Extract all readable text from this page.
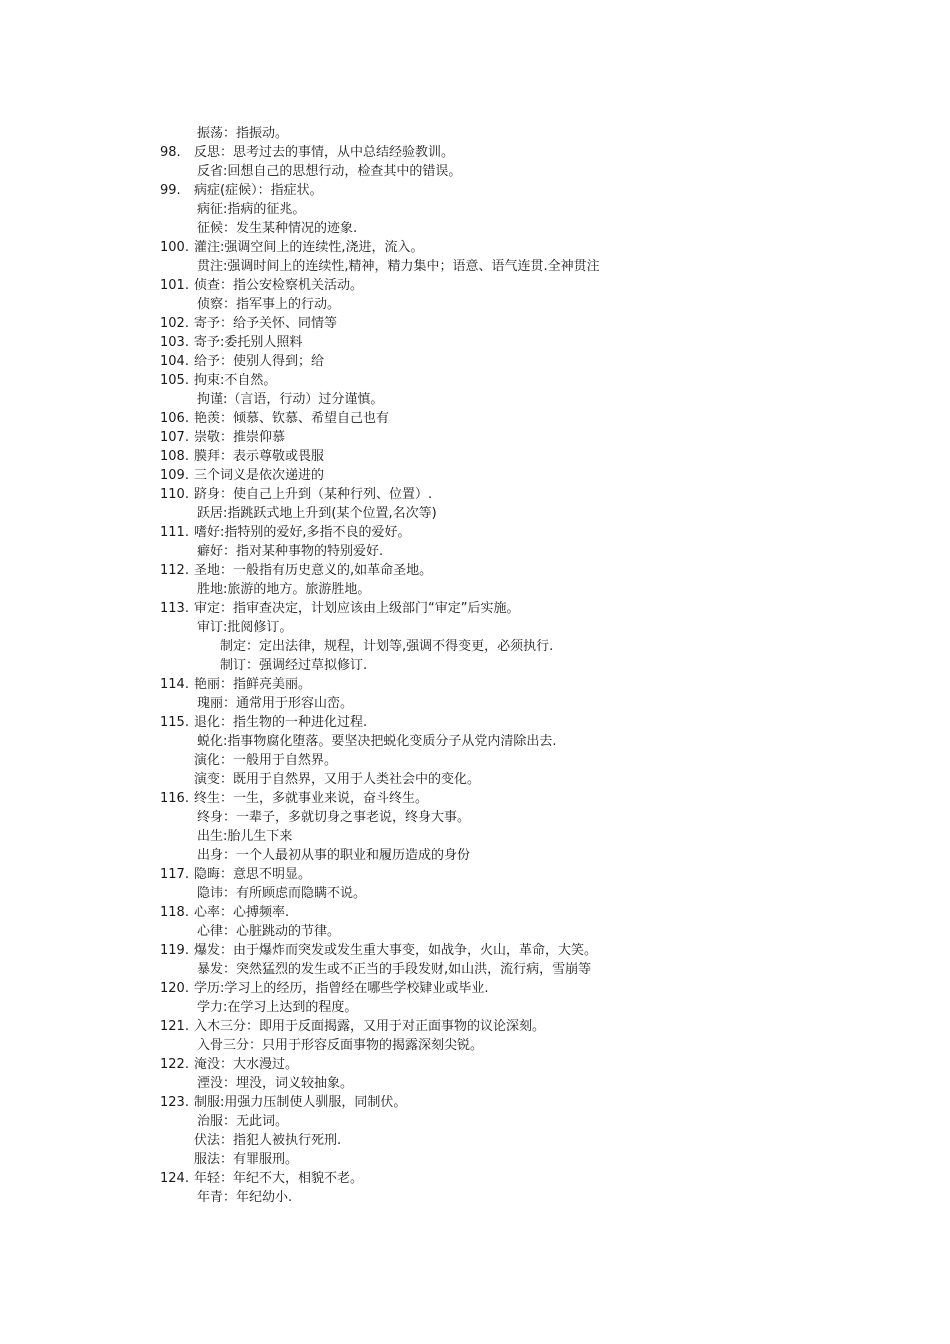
振荡：指振动。
98. 反思：思考过去的事情，从中总结经验教训。
反省:回想自己的思想行动，检查其中的错误。
99. 病症(症候）：指症状。
病征:指病的征兆。
征候：发生某种情况的迹象.
100. 灌注:强调空间上的连续性,浇进，流入。
贯注:强调时间上的连续性,精神，精力集中；语意、语气连贯.全神贯注
101. 侦查：指公安检察机关活动。
侦察：指军事上的行动。
102. 寄予：给予关怀、同情等
103. 寄予:委托别人照料
104. 给予：使别人得到；给
105. 拘束:不自然。
拘谨:（言语，行动）过分谨慎。
106. 艳羡：倾慕、钦慕、希望自己也有
107. 崇敬：推崇仰慕
108. 膜拜：表示尊敬或畏服
109. 三个词义是依次递进的
110. 跻身：使自己上升到（某种行列、位置）.
跃居:指跳跃式地上升到(某个位置,名次等)
111. 嗜好:指特别的爱好,多指不良的爱好。
癖好：指对某种事物的特别爱好.
112. 圣地：一般指有历史意义的,如革命圣地。
胜地:旅游的地方。旅游胜地。
113. 审定：指审查决定，计划应该由上级部门“审定”后实施。
审订:批阅修订。
制定：定出法律，规程，计划等,强调不得变更，必须执行.
制订：强调经过草拟修订.
114. 艳丽：指鲜亮美丽。
瑰丽：通常用于形容山峦。
115. 退化：指生物的一种进化过程.
蜕化:指事物腐化堕落。要坚决把蜕化变质分子从党内清除出去.
演化：一般用于自然界。
演变：既用于自然界，又用于人类社会中的变化。
116. 终生：一生，多就事业来说，奋斗终生。
终身：一辈子，多就切身之事老说，终身大事。
出生:胎儿生下来
出身：一个人最初从事的职业和履历造成的身份
117. 隐晦：意思不明显。
隐讳：有所顾虑而隐瞒不说。
118. 心率：心搏频率.
心律：心脏跳动的节律。
119. 爆发：由于爆炸而突发或发生重大事变，如战争，火山，革命，大笑。
暴发：突然猛烈的发生或不正当的手段发财,如山洪，流行病，雪崩等
120. 学历:学习上的经历，指曾经在哪些学校肄业或毕业.
学力:在学习上达到的程度。
121. 入木三分：即用于反面揭露，又用于对正面事物的议论深刻。
入骨三分：只用于形容反面事物的揭露深刻尖锐。
122. 淹没：大水漫过。
湮没：埋没，词义较抽象。
123. 制服:用强力压制使人驯服，同制伏。
治服：无此词。
伏法：指犯人被执行死刑.
服法：有罪服刑。
124. 年轻：年纪不大，相貌不老。
年青：年纪幼小.
